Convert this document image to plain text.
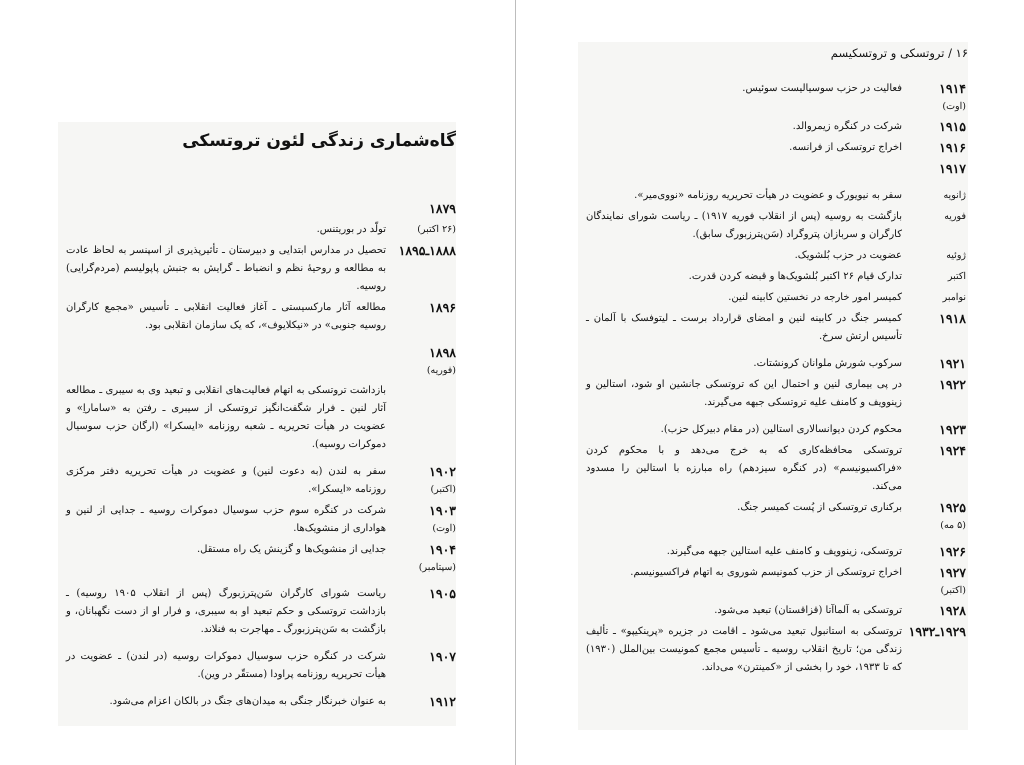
گاه‌شماری زندگی لئون تروتسکی
۱۶ / تروتسکی و تروتسکیسم
۱۸۷۹
(۲۶ اکتبر)
تولّد در بوریتنس.
۱۸۸۸ـ۱۸۹۵
تحصیل در مدارس ابتدایی و دبیرستان ـ تأثیرپذیری از اسپنسر به لحاظ عادت به مطالعه و روحیهٔ نظم و انضباط ـ گرایش به جنبش پاپولیسم (مردم‌گرایی) روسیه.
۱۸۹۶
مطالعه آثار مارکسیستی ـ آغاز فعالیت انقلابی ـ تأسیس «مجمع کارگران روسیه جنوبی» در «نیکلایوف»، که یک سازمان انقلابی بود.
۱۸۹۸
(فوریه)
بازداشت تروتسکی به اتهام فعالیت‌های انقلابی و تبعید وی به سیبری ـ مطالعه آثار لنین ـ فرار شگفت‌انگیز تروتسکی از سیبری ـ رفتن به «ساماراِ» و عضویت در هیأت تحریریه ـ شعبه روزنامه «ایسکرا» (ارگان حزب سوسیال دموکرات روسیه).
۱۹۰۲
(اکتبر)
سفر به لندن (به دعوت لنین) و عضویت در هیأت تحریریه دفتر مرکزی روزنامه «ایسکرا».
۱۹۰۳
(اوت)
شرکت در کنگره سوم حزب سوسیال دموکرات روسیه ـ جدایی از لنین و هواداری از منشویک‌ها.
۱۹۰۴
(سپتامبر)
جدایی از منشویک‌ها و گزینش یک راه مستقل.
۱۹۰۵
ریاست شورای کارگران سَن‌پترزبورگ (پس از انقلاب ۱۹۰۵ روسیه) ـ بازداشت تروتسکی و حکم تبعید او به سیبری، و فرار او از دست نگهبانان، و بازگشت به سَن‌پترزبورگ ـ مهاجرت به فنلاند.
۱۹۰۷
شرکت در کنگره حزب سوسیال دموکرات روسیه (در لندن) ـ عضویت در هیأت تحریریه روزنامه پراودا (مستقّر در وین).
۱۹۱۲
به عنوان خبرنگار جنگی به میدان‌های جنگ در بالکان اعزام می‌شود.
۱۹۱۴
(اوت)
فعالیت در حزب سوسیالیست سوئیس.
۱۹۱۵
شرکت در کنگره زیمروالد.
۱۹۱۶
اخراج تروتسکی از فرانسه.
۱۹۱۷
ژانویه
سفر به نیویورک و عضویت در هیأت تحریریه روزنامه «نووی‌میر».
فوریه
بازگشت به روسیه (پس از انقلاب فوریه ۱۹۱۷) ـ ریاست شورای نمایندگان کارگران و سربازان پتروگراد (سَن‌پترزبورگ سابق).
ژوئیه
عضویت در حزب بُلشویک.
اکتبر
تدارک قیام ۲۶ اکتبر بُلشویک‌ها و قبضه کردن قدرت.
نوامبر
کمیسر امور خارجه در نخستین کابینه لنین.
۱۹۱۸
کمیسر جنگ در کابینه لنین و امضای قرارداد برست ـ لیتوفسک با آلمان ـ تأسیس ارتش سرخ.
۱۹۲۱
سرکوب شورش ملوانان کرونشتات.
۱۹۲۲
در پی بیماری لنین و احتمال این که تروتسکی جانشین او شود، استالین و زینوویف و کامنف علیه تروتسکی جبهه می‌گیرند.
۱۹۲۳
محکوم کردن دیوانسالاری استالین (در مقام دبیرکل حزب).
۱۹۲۴
تروتسکی محافظه‌کاری که به خرج می‌دهد و با محکوم کردن «فراکسیونیسم» (در کنگره سیزدهم) راه مبارزه با استالین را مسدود می‌کند.
۱۹۲۵
(۵ مه)
برکناری تروتسکی از پُست کمیسر جنگ.
۱۹۲۶
تروتسکی، زینوویف و کامنف علیه استالین جبهه می‌گیرند.
۱۹۲۷
(اکتبر)
اخراج تروتسکی از حزب کمونیسم شوروی به اتهام فراکسیونیسم.
۱۹۲۸
تروتسکی به آلماآتا (قزاقستان) تبعید می‌شود.
۱۹۲۹ـ۱۹۳۲
تروتسکی به استانبول تبعید می‌شود ـ اقامت در جزیره «پرینکیپو» ـ تألیف زندگی من؛ تاریخ انقلاب روسیه ـ تأسیس مجمع کمونیست بین‌الملل (۱۹۳۰) که تا ۱۹۳۳، خود را بخشی از «کمینترن» می‌داند.
